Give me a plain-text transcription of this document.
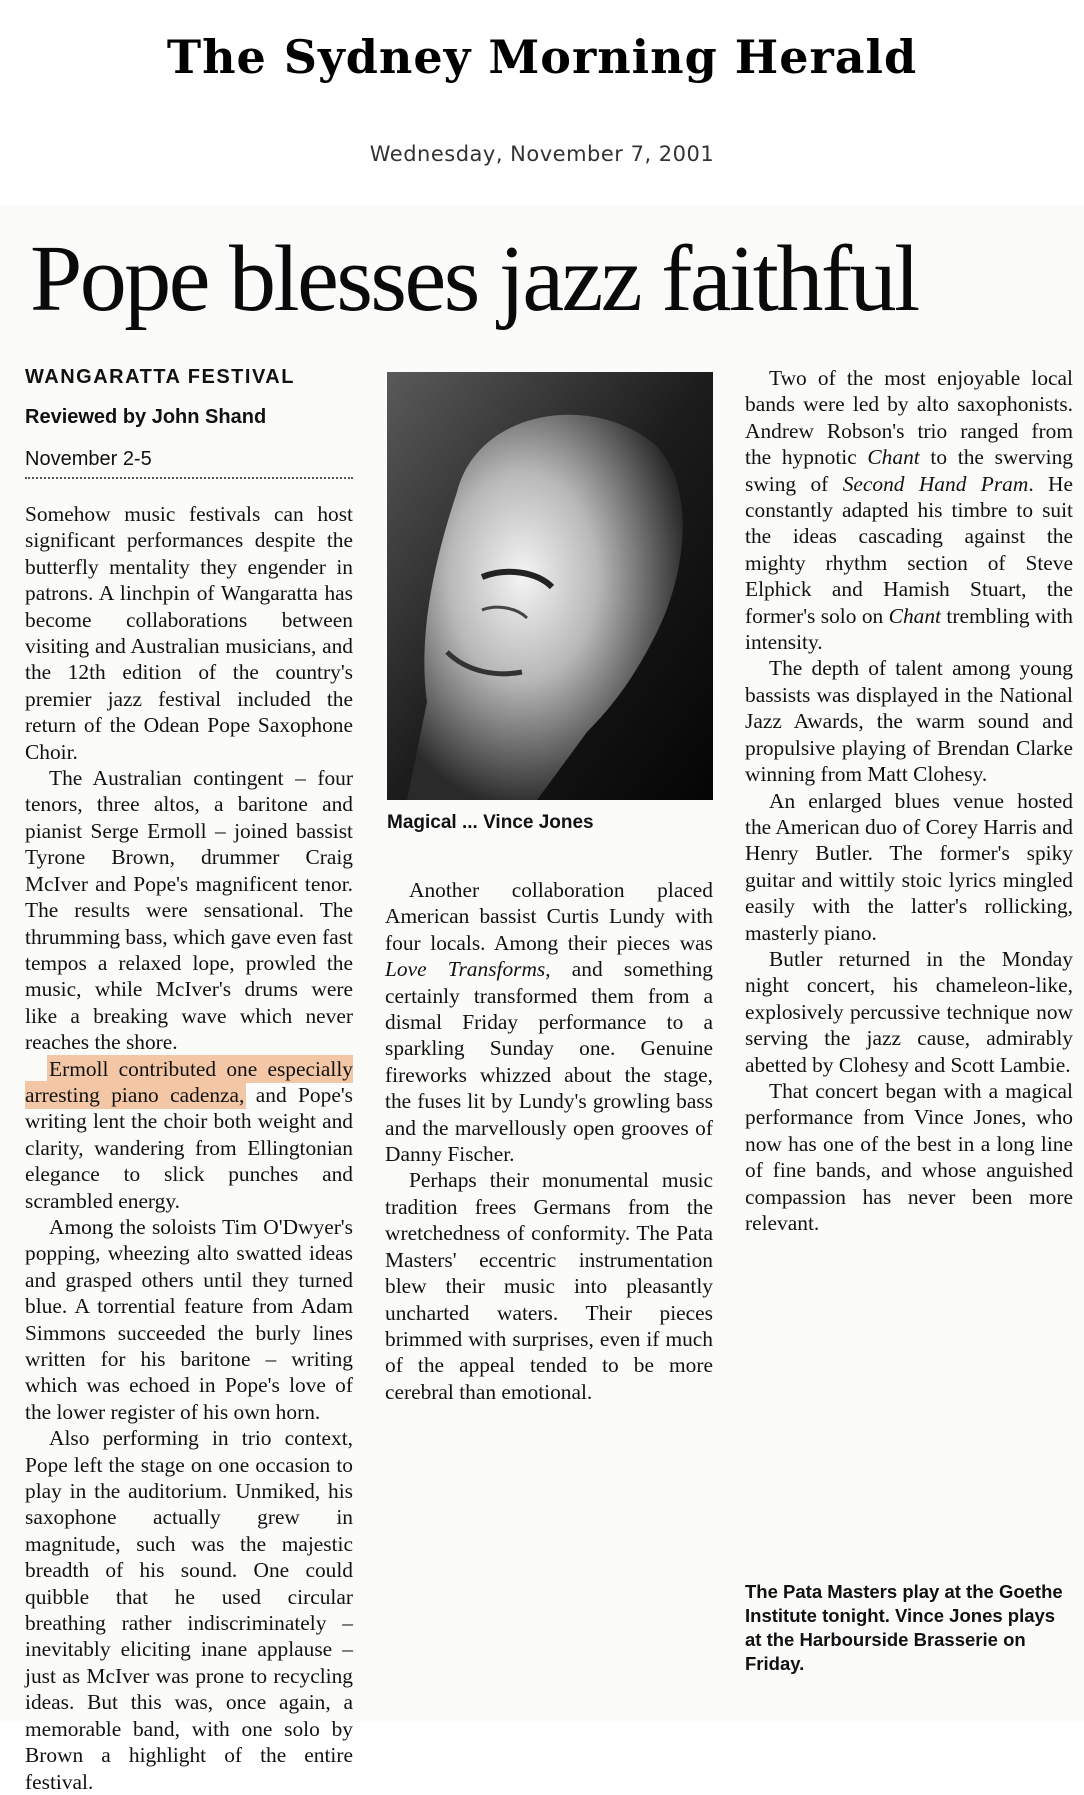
The Sydney Morning Herald
Wednesday, November 7, 2001
Pope blesses jazz faithful
WANGARATTA FESTIVAL
Reviewed by John Shand
November 2-5

Somehow music festivals can host significant performances despite the butterfly mentality they engender in patrons. A linchpin of Wangaratta has become collaborations between visiting and Australian musicians, and the 12th edition of the country's premier jazz festival included the return of the Odean Pope Saxophone Choir.

The Australian contingent – four tenors, three altos, a baritone and pianist Serge Ermoll – joined bassist Tyrone Brown, drummer Craig McIver and Pope's magnificent tenor. The results were sensational. The thrumming bass, which gave even fast tempos a relaxed lope, prowled the music, while McIver's drums were like a breaking wave which never reaches the shore.

Ermoll contributed one especially arresting piano cadenza, and Pope's writing lent the choir both weight and clarity, wandering from Ellingtonian elegance to slick punches and scrambled energy.

Among the soloists Tim O'Dwyer's popping, wheezing alto swatted ideas and grasped others until they turned blue. A torrential feature from Adam Simmons succeeded the burly lines written for his baritone – writing which was echoed in Pope's love of the lower register of his own horn.

Also performing in trio context, Pope left the stage on one occasion to play in the auditorium. Unmiked, his saxophone actually grew in magnitude, such was the majestic breadth of his sound. One could quibble that he used circular breathing rather indiscriminately – inevitably eliciting inane applause – just as McIver was prone to recycling ideas. But this was, once again, a memorable band, with one solo by Brown a highlight of the entire festival.

Magical ... Vince Jones

Another collaboration placed American bassist Curtis Lundy with four locals. Among their pieces was Love Transforms, and something certainly transformed them from a dismal Friday performance to a sparkling Sunday one. Genuine fireworks whizzed about the stage, the fuses lit by Lundy's growling bass and the marvellously open grooves of Danny Fischer.

Perhaps their monumental music tradition frees Germans from the wretchedness of conformity. The Pata Masters' eccentric instrumentation blew their music into pleasantly uncharted waters. Their pieces brimmed with surprises, even if much of the appeal tended to be more cerebral than emotional.

Two of the most enjoyable local bands were led by alto saxophonists. Andrew Robson's trio ranged from the hypnotic Chant to the swerving swing of Second Hand Pram. He constantly adapted his timbre to suit the ideas cascading against the mighty rhythm section of Steve Elphick and Hamish Stuart, the former's solo on Chant trembling with intensity.

The depth of talent among young bassists was displayed in the National Jazz Awards, the warm sound and propulsive playing of Brendan Clarke winning from Matt Clohesy.

An enlarged blues venue hosted the American duo of Corey Harris and Henry Butler. The former's spiky guitar and wittily stoic lyrics mingled easily with the latter's rollicking, masterly piano.

Butler returned in the Monday night concert, his chameleon-like, explosively percussive technique now serving the jazz cause, admirably abetted by Clohesy and Scott Lambie.

That concert began with a magical performance from Vince Jones, who now has one of the best in a long line of fine bands, and whose anguished compassion has never been more relevant.

The Pata Masters play at the Goethe Institute tonight. Vince Jones plays at the Harbourside Brasserie on Friday.
